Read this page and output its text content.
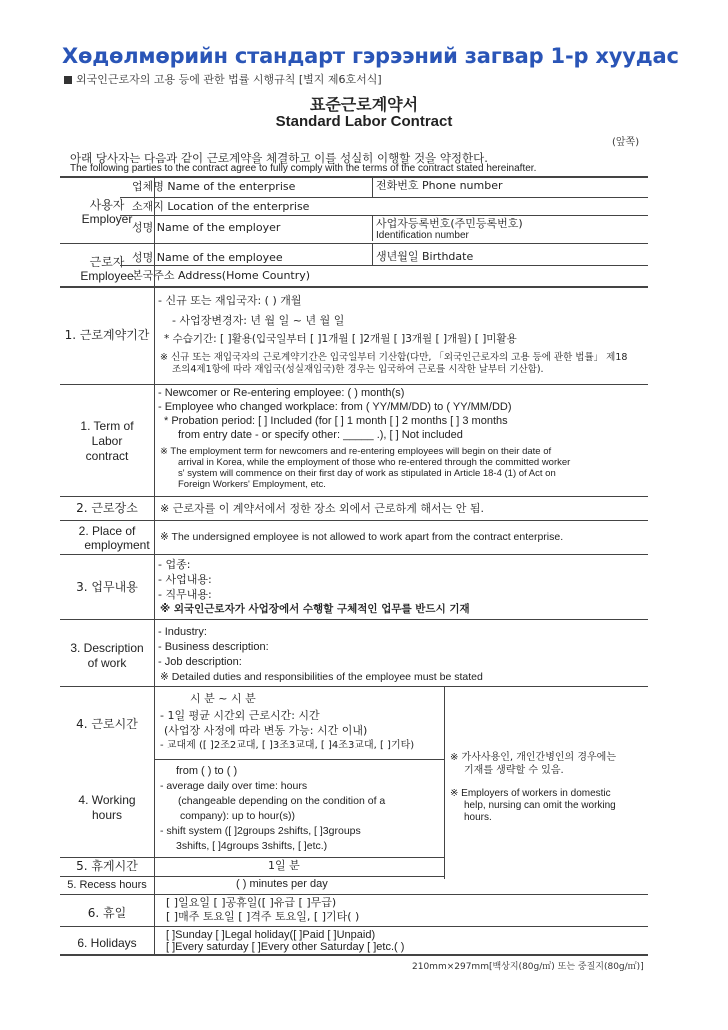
Хөдөлмөрийн стандарт гэрээний загвар 1-р хуудас
외국인근로자의 고용 등에 관한 법률 시행규칙 [별지 제6호서식]
표준근로계약서
Standard Labor Contract
(앞쪽)
아래 당사자는 다음과 같이 근로계약을 체결하고 이를 성실히 이행할 것을 약정한다.
The following parties to the contract agree to fully comply with the terms of the contract stated hereinafter.
사용자
Employer
업체명 Name of the enterprise	전화번호 Phone number
소재지 Location of the enterprise
성명 Name of the employer	사업자등록번호(주민등록번호)
Identification number
근로자
Employee
성명 Name of the employee	생년월일 Birthdate
본국주소 Address(Home Country)
1. 근로계약기간
- 신규 또는 재입국자: ( ) 개월
- 사업장변경자: 년 월 일 ~ 년 월 일
* 수습기간: [ ]활용(입국일부터 [ ]1개월 [ ]2개월 [ ]3개월 [ ]개월) [ ]미활용
※ 신규 또는 재입국자의 근로계약기간은 입국일부터 기산함(다만, 「외국인근로자의 고용 등에 관한 법률」 제18
조의4제1항에 따라 재입국(성실재입국)한 경우는 입국하여 근로를 시작한 날부터 기산함).
1. Term of
Labor
contract
- Newcomer or Re-entering employee: ( ) month(s)
- Employee who changed workplace: from ( YY/MM/DD) to ( YY/MM/DD)
* Probation period: [ ] Included (for [ ] 1 month [ ] 2 months [ ] 3 months
from entry date - or specify other: _____ .), [ ] Not included
※ The employment term for newcomers and re-entering employees will begin on their date of
arrival in Korea, while the employment of those who re-entered through the committed worker
s' system will commence on their first day of work as stipulated in Article 18-4 (1) of Act on
Foreign Workers' Employment, etc.
2. 근로장소	※ 근로자를 이 계약서에서 정한 장소 외에서 근로하게 해서는 안 됨.
2. Place of
employment
※ The undersigned employee is not allowed to work apart from the contract enterprise.
3. 업무내용
- 업종:
- 사업내용:
- 직무내용:
※ 외국인근로자가 사업장에서 수행할 구체적인 업무를 반드시 기재
3. Description
of work
- Industry:
- Business description:
- Job description:
※ Detailed duties and responsibilities of the employee must be stated
4. 근로시간
시 분 ~ 시 분
- 1일 평균 시간외 근로시간: 시간
(사업장 사정에 따라 변동 가능: 시간 이내)
- 교대제 ([ ]2조2교대, [ ]3조3교대, [ ]4조3교대, [ ]기타)
4. Working
hours
from ( ) to ( )
- average daily over time: hours
(changeable depending on the condition of a
company): up to hour(s))
- shift system ([ ]2groups 2shifts, [ ]3groups
3shifts, [ ]4groups 3shifts, [ ]etc.)
※ 가사사용인, 개인간병인의 경우에는
기재를 생략할 수 있음.
※ Employers of workers in domestic
help, nursing can omit the working
hours.
5. 휴게시간	1일 분
5. Recess hours	( ) minutes per day
6. 휴일
[ ]일요일 [ ]공휴일([ ]유급 [ ]무급)
[ ]매주 토요일 [ ]격주 토요일, [ ]기타( )
6. Holidays
[ ]Sunday [ ]Legal holiday([ ]Paid [ ]Unpaid)
[ ]Every saturday [ ]Every other Saturday [ ]etc.( )
210mm×297mm[백상지(80g/㎡) 또는 중질지(80g/㎡)]
